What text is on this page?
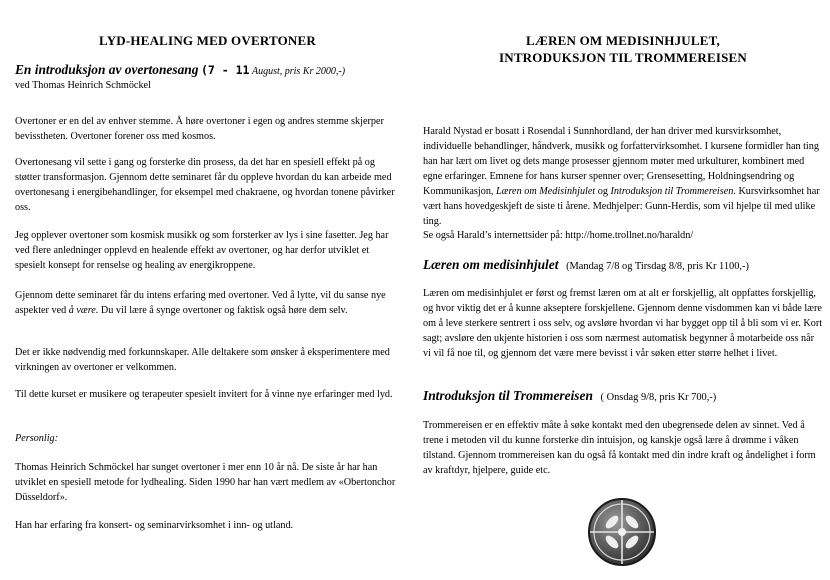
LYD-HEALING MED OVERTONER
En introduksjon av overtonesang (7 - 11 August, pris Kr 2000,-)
ved Thomas Heinrich Schmöckel
Overtoner er en del av enhver stemme. Å høre overtoner i egen og andres stemme skjerper bevisstheten. Overtoner forener oss med kosmos.
Overtonesang vil sette i gang og forsterke din prosess, da det har en spesiell effekt på og støtter transformasjon. Gjennom dette seminaret får du oppleve hvordan du kan arbeide med overtonesang i energibehandlinger, for eksempel med chakraene, og hvordan tonene påvirker oss.
Jeg opplever overtoner som kosmisk musikk og som forsterker av lys i sine fasetter. Jeg har ved flere anledninger opplevd en healende effekt av overtoner, og har derfor utviklet et spesielt konsept for renselse og healing av energikroppene.
Gjennom dette seminaret får du intens erfaring med overtoner. Ved å lytte, vil du sanse nye aspekter ved å være. Du vil lære å synge overtoner og faktisk også høre dem selv.
Det er ikke nødvendig med forkunnskaper. Alle deltakere som ønsker å eksperimentere med virkningen av overtoner er velkommen.
Til dette kurset er musikere og terapeuter spesielt invitert for å vinne nye erfaringer med lyd.
Personlig:
Thomas Heinrich Schmöckel har sunget overtoner i mer enn 10 år nå. De siste år har han utviklet en spesiell metode for lydhealing. Siden 1990 har han vært medlem av «Obertonchor Düsseldorf».
Han har erfaring fra konsert- og seminarvirksomhet i inn- og utland.
LÆREN OM MEDISINHJULET,
INTRODUKSJON TIL TROMMEREISEN
Harald Nystad er bosatt i Rosendal i Sunnhordland, der han driver med kursvirksomhet, individuelle behandlinger, håndverk, musikk og forfattervirksomhet. I kursene formidler han ting han har lært om livet og dets mange prosesser gjennom møter med urkulturer, kombinert med egne erfaringer. Emnene for hans kurser spenner over; Grensesetting, Holdningsendring og Kommunikasjon, Læren om Medisinhjulet og Introduksjon til Trommereisen. Kursvirksomhet har vært hans hovedgeskjeft de siste ti årene. Medhjelper: Gunn-Herdis, som vil hjelpe til med ulike ting.
Se også Harald’s internettsider på: http://home.trollnet.no/haraldn/
Læren om medisinhjulet (Mandag 7/8 og Tirsdag 8/8, pris Kr 1100,-)
Læren om medisinhjulet er først og fremst læren om at alt er forskjellig, alt oppfattes forskjellig, og hvor viktig det er å kunne akseptere forskjellene. Gjennom denne visdommen kan vi både lære om å leve sterkere sentrert i oss selv, og avsløre hvordan vi har bygget opp til å bli som vi er. Kort sagt; avsløre den ukjente historien i oss som nærmest automatisk begynner å motarbeide oss når vi vil få noe til, og gjennom det være mere bevisst i vår søken etter større helhet i livet.
Introduksjon til Trommereisen ( Onsdag 9/8, pris Kr 700,-)
Trommereisen er en effektiv måte å søke kontakt med den ubegrensede delen av sinnet. Ved å trene i metoden vil du kunne forsterke din intuisjon, og kanskje også lære å drømme i våken tilstand. Gjennom trommereisen kan du også få kontakt med din indre kraft og åndelighet i form av kraftdyr, hjelpere, guide etc.
